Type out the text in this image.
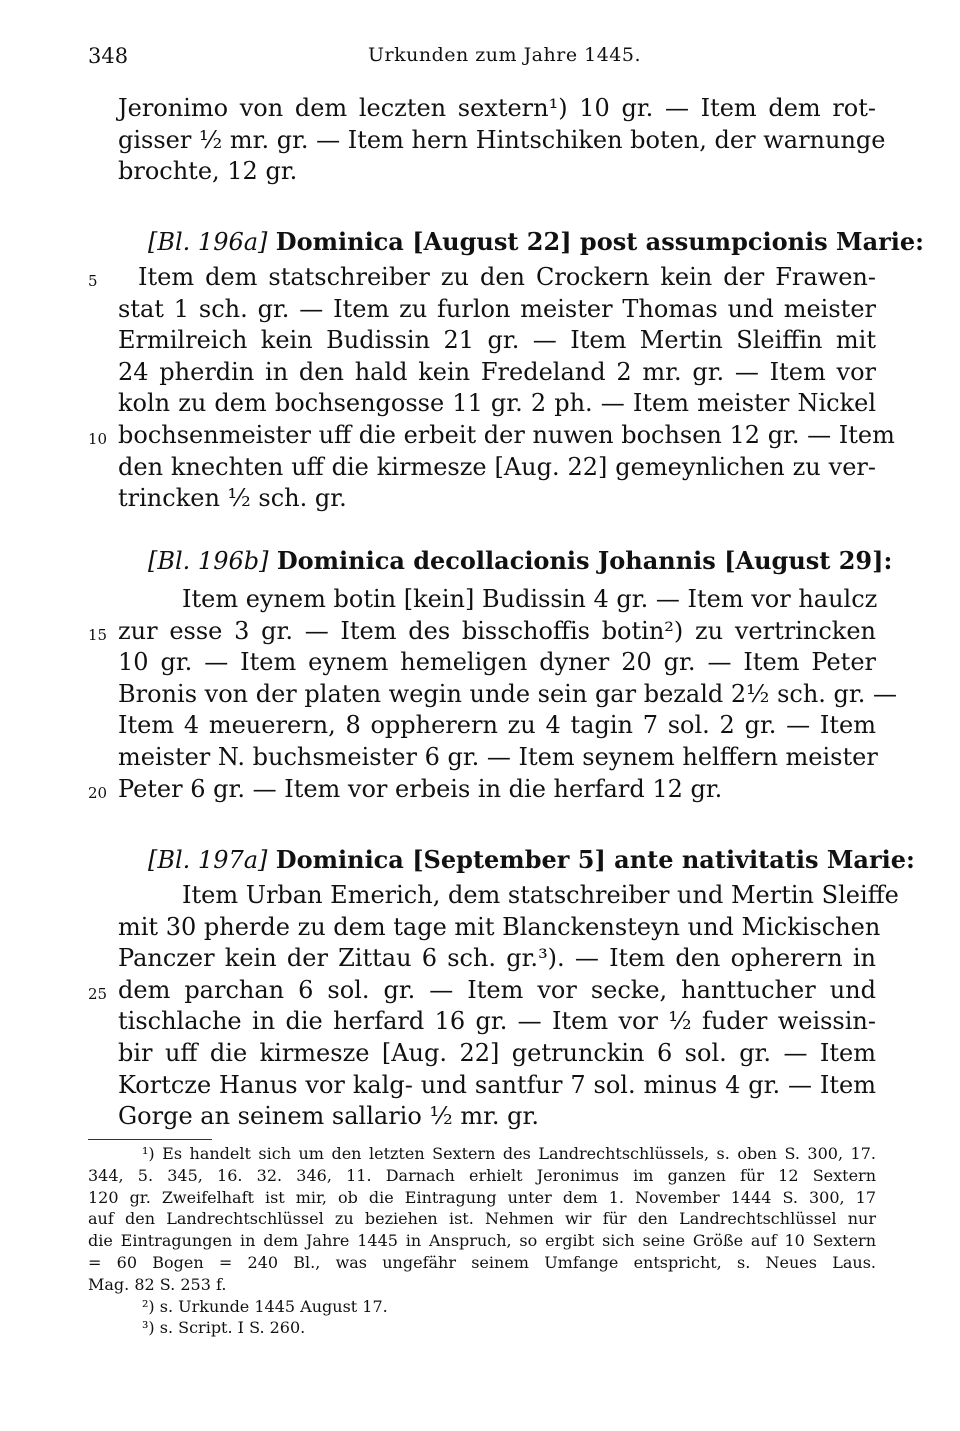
348	Urkunden zum Jahre 1445.
Jeronimo von dem leczten sextern¹) 10 gr. — Item dem rot-
gisser ½ mr. gr. — Item hern Hintschiken boten, der warnunge
brochte, 12 gr.
[Bl. 196a] Dominica [August 22] post assumpcionis Marie:
5 Item dem statschreiber zu den Crockern kein der Frawen-
stat 1 sch. gr. — Item zu furlon meister Thomas und meister
Ermilreich kein Budissin 21 gr. — Item Mertin Sleiffin mit
24 pherdin in den hald kein Fredeland 2 mr. gr. — Item vor
koln zu dem bochsengosse 11 gr. 2 ph. — Item meister Nickel
10 bochsenmeister uff die erbeit der nuwen bochsen 12 gr. — Item
den knechten uff die kirmesze [Aug. 22] gemeynlichen zu ver-
trincken ½ sch. gr.
[Bl. 196b] Dominica decollacionis Johannis [August 29]:
Item eynem botin [kein] Budissin 4 gr. — Item vor haulcz
15 zur esse 3 gr. — Item des bisschoffis botin²) zu vertrincken
10 gr. — Item eynem hemeligen dyner 20 gr. — Item Peter
Bronis von der platen wegin unde sein gar bezald 2½ sch. gr. —
Item 4 meuerern, 8 oppherern zu 4 tagin 7 sol. 2 gr. — Item
meister N. buchsmeister 6 gr. — Item seynem helffern meister
20 Peter 6 gr. — Item vor erbeis in die herfard 12 gr.
[Bl. 197a] Dominica [September 5] ante nativitatis Marie:
Item Urban Emerich, dem statschreiber und Mertin Sleiffe
mit 30 pherde zu dem tage mit Blanckensteyn und Mickischen
Panczer kein der Zittau 6 sch. gr.³). — Item den opherern in
25 dem parchan 6 sol. gr. — Item vor secke, hanttucher und
tischlache in die herfard 16 gr. — Item vor ½ fuder weissin-
bir uff die kirmesze [Aug. 22] getrunckin 6 sol. gr. — Item
Kortcze Hanus vor kalg- und santfur 7 sol. minus 4 gr. — Item
Gorge an seinem sallario ½ mr. gr.
¹) Es handelt sich um den letzten Sextern des Landrechtschlüssels, s. oben S. 300, 17.
344, 5. 345, 16. 32. 346, 11. Darnach erhielt Jeronimus im ganzen für 12 Sextern
120 gr. Zweifelhaft ist mir, ob die Eintragung unter dem 1. November 1444 S. 300, 17
auf den Landrechtschlüssel zu beziehen ist. Nehmen wir für den Landrechtschlüssel nur
die Eintragungen in dem Jahre 1445 in Anspruch, so ergibt sich seine Größe auf 10 Sextern
= 60 Bogen = 240 Bl., was ungefähr seinem Umfange entspricht, s. Neues Laus.
Mag. 82 S. 253 f.
²) s. Urkunde 1445 August 17.
³) s. Script. I S. 260.
